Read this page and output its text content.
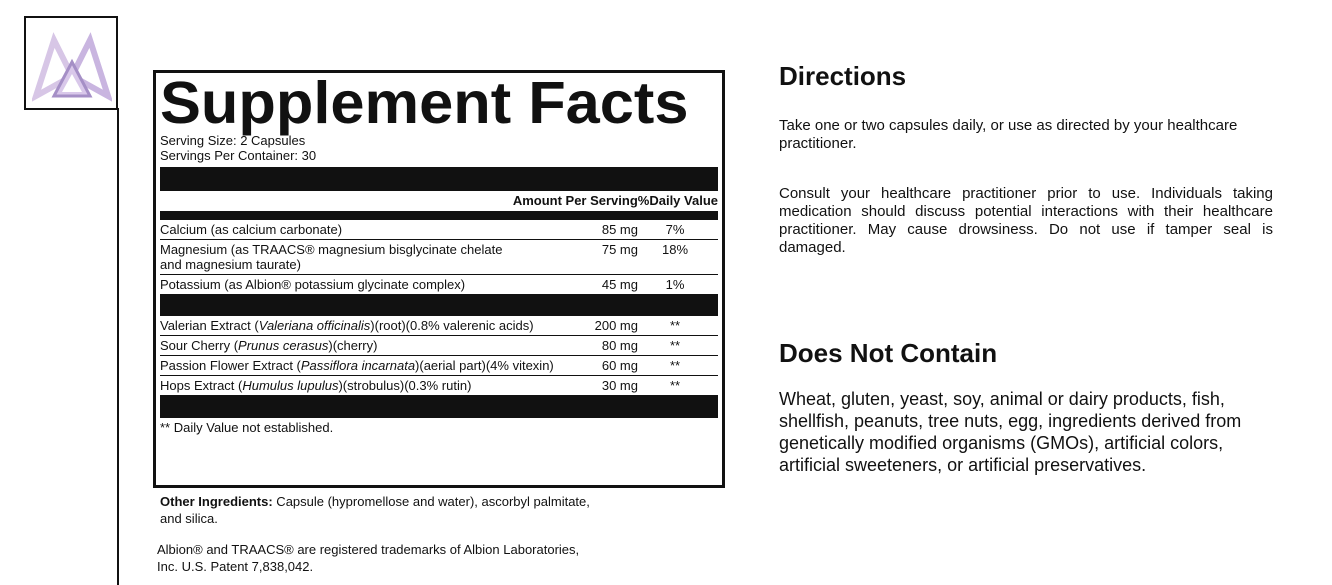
Supplement Facts
Serving Size: 2 Capsules
Servings Per Container: 30
Amount Per Serving %Daily Value
Calcium (as calcium carbonate)	85 mg	7%
Magnesium (as TRAACS® magnesium bisglycinate chelate
and magnesium taurate)
75 mg	18%
Potassium (as Albion® potassium glycinate complex)	45 mg	1%
Valerian Extract (Valeriana officinalis)(root)(0.8% valerenic acids)	200 mg	**
Sour Cherry (Prunus cerasus)(cherry)	80 mg	**
Passion Flower Extract (Passiflora incarnata)(aerial part)(4% vitexin)	60 mg	**
Hops Extract (Humulus lupulus)(strobulus)(0.3% rutin)	30 mg	**
** Daily Value not established.
Other Ingredients: Capsule (hypromellose and water), ascorbyl palmitate,
and silica.
Albion® and TRAACS® are registered trademarks of Albion Laboratories,
Inc. U.S. Patent 7,838,042.
Directions
Take one or two capsules daily, or use as directed by your healthcare practitioner.
Consult your healthcare practitioner prior to use. Individuals taking medication should discuss potential interactions with their healthcare practitioner. May cause drowsiness. Do not use if tamper seal is damaged.
Does Not Contain
Wheat, gluten, yeast, soy, animal or dairy products, fish, shellfish, peanuts, tree nuts, egg, ingredients derived from genetically modified organisms (GMOs), artificial colors, artificial sweeteners, or artificial preservatives.
